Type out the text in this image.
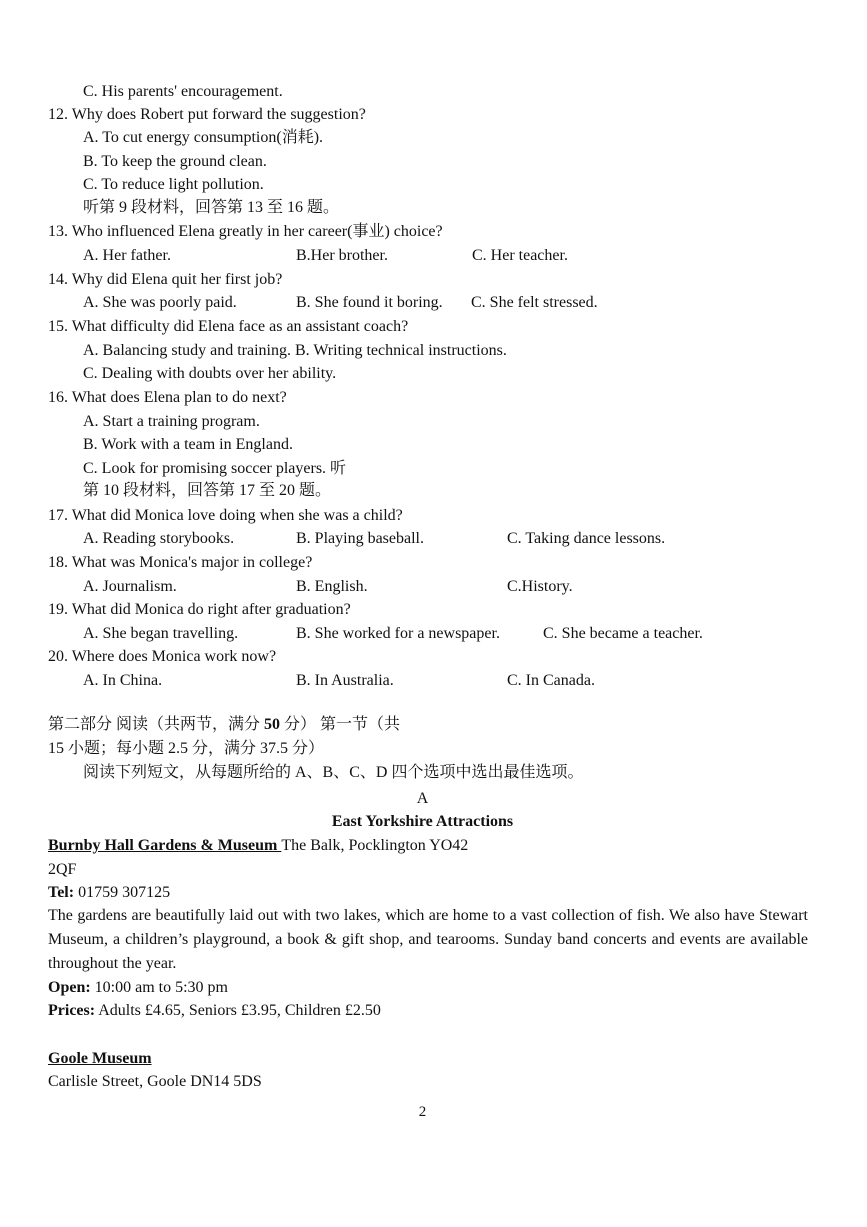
C. His parents' encouragement.
12. Why does Robert put forward the suggestion?
A. To cut energy consumption(消耗).
B. To keep the ground clean.
C. To reduce light pollution.
听第 9 段材料，回答第 13 至 16 题。
13. Who influenced Elena greatly in her career(事业) choice?
A. Her father.	B.Her brother.	C. Her teacher.
14. Why did Elena quit her first job?
A. She was poorly paid.	B. She found it boring. C. She felt stressed.
15. What difficulty did Elena face as an assistant coach?
A. Balancing study and training. B. Writing technical instructions.
C. Dealing with doubts over her ability.
16. What does Elena plan to do next?
A. Start a training program.
B. Work with a team in England.
C. Look for promising soccer players. 听
第 10 段材料，回答第 17 至 20 题。
17. What did Monica love doing when she was a child?
A. Reading storybooks.	B. Playing baseball.	C. Taking dance lessons.
18. What was Monica's major in college?
A. Journalism.	B. English.	C.History.
19. What did Monica do right after graduation?
A. She began travelling.	B. She worked for a newspaper.	C. She became a teacher.
20. Where does Monica work now?
A. In China.	B. In Australia.	C. In Canada.
第二部分 阅读（共两节，满分 50 分） 第一节（共
15 小题；每小题 2.5 分，满分 37.5 分）
阅读下列短文，从每题所给的 A、B、C、D 四个选项中选出最佳选项。
A
East Yorkshire Attractions
Burnby Hall Gardens & Museum The Balk, Pocklington YO42
2QF
Tel: 01759 307125
The gardens are beautifully laid out with two lakes, which are home to a vast collection of fish. We also have Stewart Museum, a children’s playground, a book & gift shop, and tearooms. Sunday band concerts and events are available throughout the year.
Open: 10:00 am to 5:30 pm
Prices: Adults £4.65, Seniors £3.95, Children £2.50
Goole Museum
Carlisle Street, Goole DN14 5DS
2
